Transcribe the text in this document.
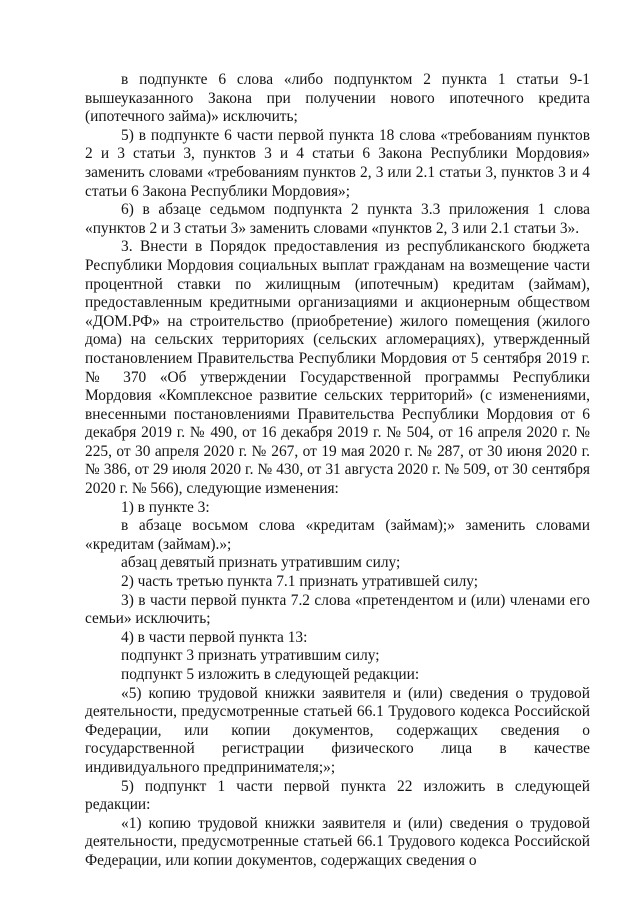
в подпункте 6 слова «либо подпунктом 2 пункта 1 статьи 9-1 вышеуказанного Закона при получении нового ипотечного кредита (ипотечного займа)» исключить;

5) в подпункте 6 части первой пункта 18 слова «требованиям пунктов 2 и 3 статьи 3, пунктов 3 и 4 статьи 6 Закона Республики Мордовия» заменить словами «требованиям пунктов 2, 3 или 2.1 статьи 3, пунктов 3 и 4 статьи 6 Закона Республики Мордовия»;

6) в абзаце седьмом подпункта 2 пункта 3.3 приложения 1 слова «пунктов 2 и 3 статьи 3» заменить словами «пунктов 2, 3 или 2.1 статьи 3».

3. Внести в Порядок предоставления из республиканского бюджета Республики Мордовия социальных выплат гражданам на возмещение части процентной ставки по жилищным (ипотечным) кредитам (займам), предоставленным кредитными организациями и акционерным обществом «ДОМ.РФ» на строительство (приобретение) жилого помещения (жилого дома) на сельских территориях (сельских агломерациях), утвержденный постановлением Правительства Республики Мордовия от 5 сентября 2019 г. № 370 «Об утверждении Государственной программы Республики Мордовия «Комплексное развитие сельских территорий» (с изменениями, внесенными постановлениями Правительства Республики Мордовия от 6 декабря 2019 г. № 490, от 16 декабря 2019 г. № 504, от 16 апреля 2020 г. № 225, от 30 апреля 2020 г. № 267, от 19 мая 2020 г. № 287, от 30 июня 2020 г. № 386, от 29 июля 2020 г. № 430, от 31 августа 2020 г. № 509, от 30 сентября 2020 г. № 566), следующие изменения:

1) в пункте 3:

в абзаце восьмом слова «кредитам (займам);» заменить словами «кредитам (займам).»;

абзац девятый признать утратившим силу;

2) часть третью пункта 7.1 признать утратившей силу;

3) в части первой пункта 7.2 слова «претендентом и (или) членами его семьи» исключить;

4) в части первой пункта 13:

подпункт 3 признать утратившим силу;

подпункт 5 изложить в следующей редакции:

«5) копию трудовой книжки заявителя и (или) сведения о трудовой деятельности, предусмотренные статьей 66.1 Трудового кодекса Российской Федерации, или копии документов, содержащих сведения о государственной регистрации физического лица в качестве индивидуального предпринимателя;»;

5) подпункт 1 части первой пункта 22 изложить в следующей редакции:

«1) копию трудовой книжки заявителя и (или) сведения о трудовой деятельности, предусмотренные статьей 66.1 Трудового кодекса Российской Федерации, или копии документов, содержащих сведения о
